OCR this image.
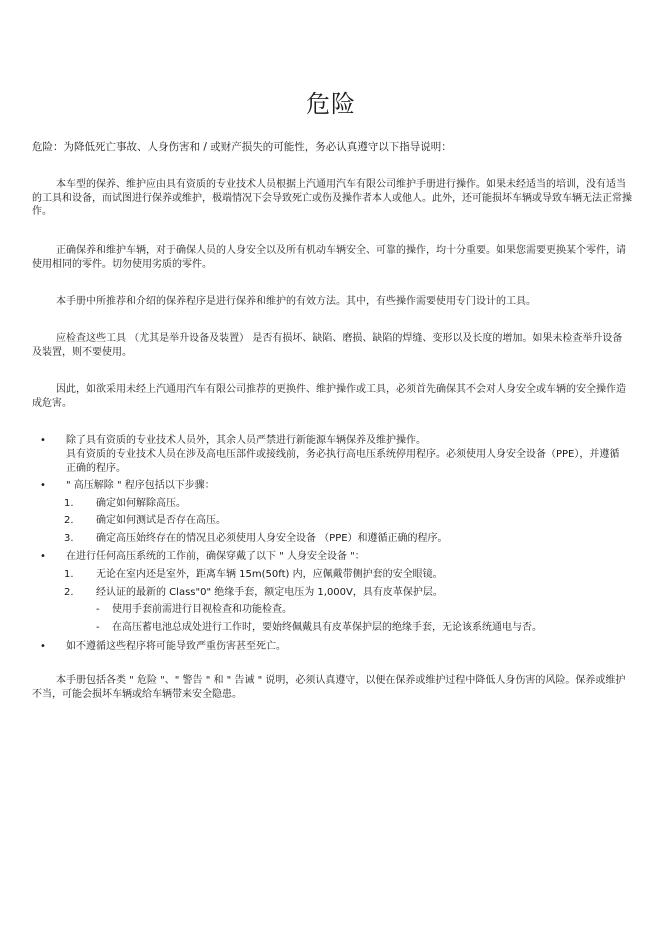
危险
危险：为降低死亡事故、人身伤害和 / 或财产损失的可能性，务必认真遵守以下指导说明：
本车型的保养、维护应由具有资质的专业技术人员根据上汽通用汽车有限公司维护手册进行操作。如果未经适当的培训，没有适当的工具和设备，而试图进行保养或维护，极端情况下会导致死亡或伤及操作者本人或他人。此外，还可能损坏车辆或导致车辆无法正常操作。
正确保养和维护车辆，对于确保人员的人身安全以及所有机动车辆安全、可靠的操作，均十分重要。如果您需要更换某个零件，请使用相同的零件。切勿使用劣质的零件。
本手册中所推荐和介绍的保养程序是进行保养和维护的有效方法。其中，有些操作需要使用专门设计的工具。
应检查这些工具 （尤其是举升设备及装置） 是否有损坏、缺陷、磨损、缺陷的焊缝、变形以及长度的增加。如果未检查举升设备及装置，则不要使用。
因此，如欲采用未经上汽通用汽车有限公司推荐的更换件、维护操作或工具，必须首先确保其不会对人身安全或车辆的安全操作造成危害。
• 除了具有资质的专业技术人员外，其余人员严禁进行新能源车辆保养及维护操作。
具有资质的专业技术人员在涉及高电压部件或接线前，务必执行高电压系统停用程序。必须使用人身安全设备（PPE），并遵循正确的程序。
• " 高压解除 " 程序包括以下步骤：
1. 确定如何解除高压。
2. 确定如何测试是否存在高压。
3. 确定高压始终存在的情况且必须使用人身安全设备 （PPE）和遵循正确的程序。
• 在进行任何高压系统的工作前，确保穿戴了以下 " 人身安全设备 "：
1. 无论在室内还是室外，距离车辆 15m(50ft) 内，应佩戴带侧护套的安全眼镜。
2. 经认证的最新的 Class"0" 绝缘手套，额定电压为 1,000V，具有皮革保护层。
- 使用手套前需进行目视检查和功能检查。
- 在高压蓄电池总成处进行工作时，要始终佩戴具有皮革保护层的绝缘手套，无论该系统通电与否。
• 如不遵循这些程序将可能导致严重伤害甚至死亡。
本手册包括各类 " 危险 "、" 警告 " 和 " 告诫 " 说明，必须认真遵守，以便在保养或维护过程中降低人身伤害的风险。保养或维护不当，可能会损坏车辆或给车辆带来安全隐患。
